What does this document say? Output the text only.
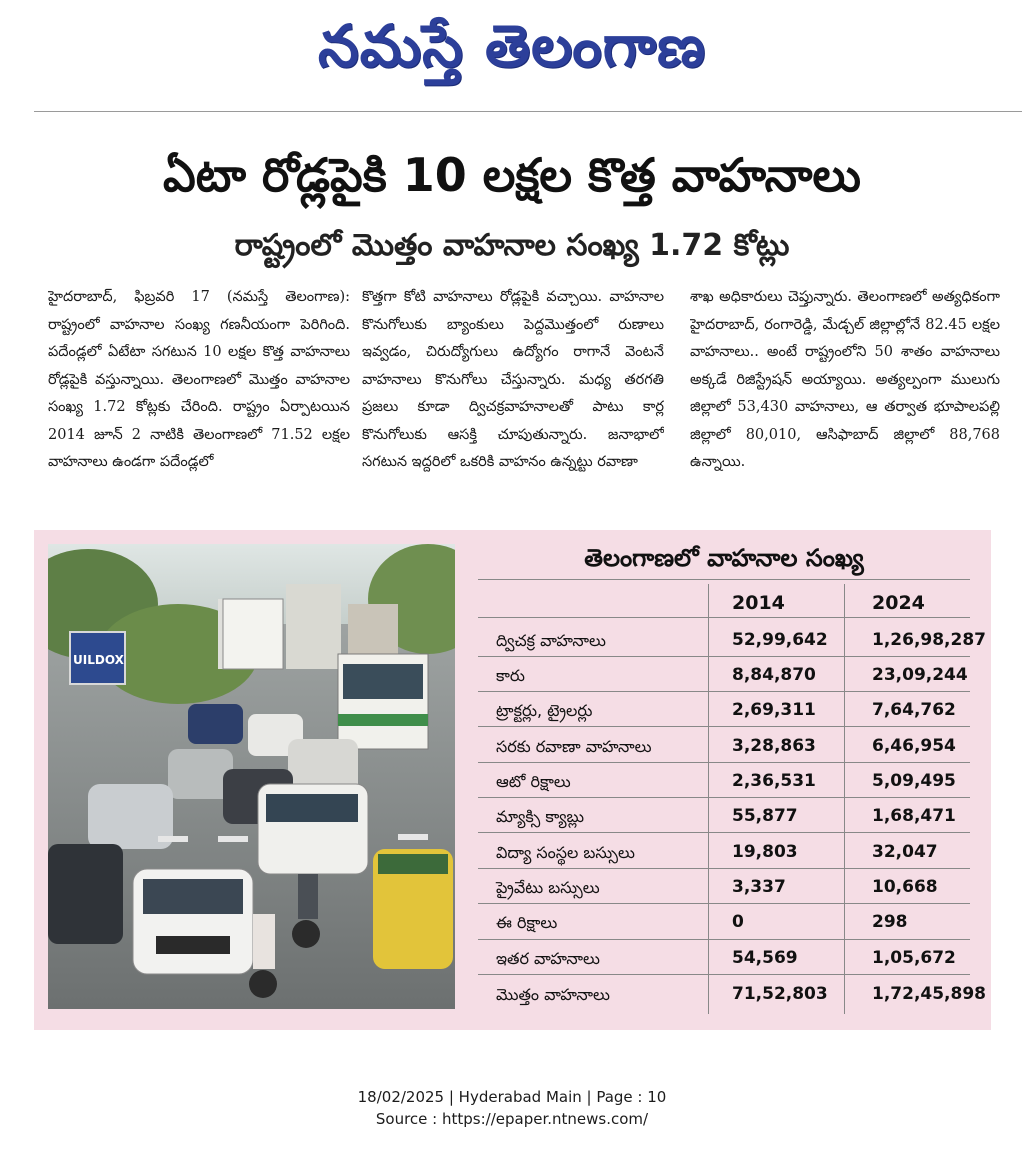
నమస్తే తెలంగాణ
ఏటా రోడ్లపైకి 10 లక్షల కొత్త వాహనాలు
రాష్ట్రంలో మొత్తం వాహనాల సంఖ్య 1.72 కోట్లు
హైదరాబాద్, ఫిబ్రవరి 17 (నమస్తే తెలంగాణ): రాష్ట్రంలో వాహనాల సంఖ్య గణనీయంగా పెరిగింది. పదేండ్లలో ఏటేటా సగటున 10 లక్షల కొత్త వాహనాలు రోడ్లపైకి వస్తున్నాయి. తెలంగాణలో మొత్తం వాహనాల సంఖ్య 1.72 కోట్లకు చేరింది. రాష్ట్రం ఏర్పాటయిన 2014 జూన్ 2 నాటికి తెలంగాణలో 71.52 లక్షల వాహనాలు ఉండగా పదేండ్లలో
కొత్తగా కోటి వాహనాలు రోడ్లపైకి వచ్చాయి. వాహనాల కొనుగోలుకు బ్యాంకులు పెద్దమొత్తంలో రుణాలు ఇవ్వడం, చిరుద్యోగులు ఉద్యోగం రాగానే వెంటనే వాహనాలు కొనుగోలు చేస్తున్నారు. మధ్య తరగతి ప్రజలు కూడా ద్విచక్రవాహనాలతో పాటు కార్ల కొనుగోలుకు ఆసక్తి చూపుతున్నారు. జనాభాలో సగటున ఇద్దరిలో ఒకరికి వాహనం ఉన్నట్టు రవాణా
శాఖ అధికారులు చెప్తున్నారు. తెలంగాణలో అత్యధికంగా హైదరాబాద్, రంగారెడ్డి, మేడ్చల్ జిల్లాల్లోనే 82.45 లక్షల వాహనాలు.. అంటే రాష్ట్రంలోని 50 శాతం వాహనాలు అక్కడే రిజిస్ట్రేషన్ అయ్యాయి. అత్యల్పంగా ములుగు జిల్లాలో 53,430 వాహనాలు, ఆ తర్వాత భూపాలపల్లి జిల్లాలో 80,010, ఆసిఫాబాద్ జిల్లాలో 88,768 ఉన్నాయి.
UILDOX
తెలంగాణలో వాహనాల సంఖ్య
2014	2024
ద్విచక్ర వాహనాలు	52,99,642	1,26,98,287
కారు	8,84,870	23,09,244
ట్రాక్టర్లు, ట్రైలర్లు	2,69,311	7,64,762
సరకు రవాణా వాహనాలు	3,28,863	6,46,954
ఆటో రిక్షాలు	2,36,531	5,09,495
మ్యాక్సి క్యాబ్లు	55,877	1,68,471
విద్యా సంస్థల బస్సులు	19,803	32,047
ప్రైవేటు బస్సులు	3,337	10,668
ఈ రిక్షాలు	0	298
ఇతర వాహనాలు	54,569	1,05,672
మొత్తం వాహనాలు	71,52,803	1,72,45,898
18/02/2025 | Hyderabad Main | Page : 10
Source : https://epaper.ntnews.com/
